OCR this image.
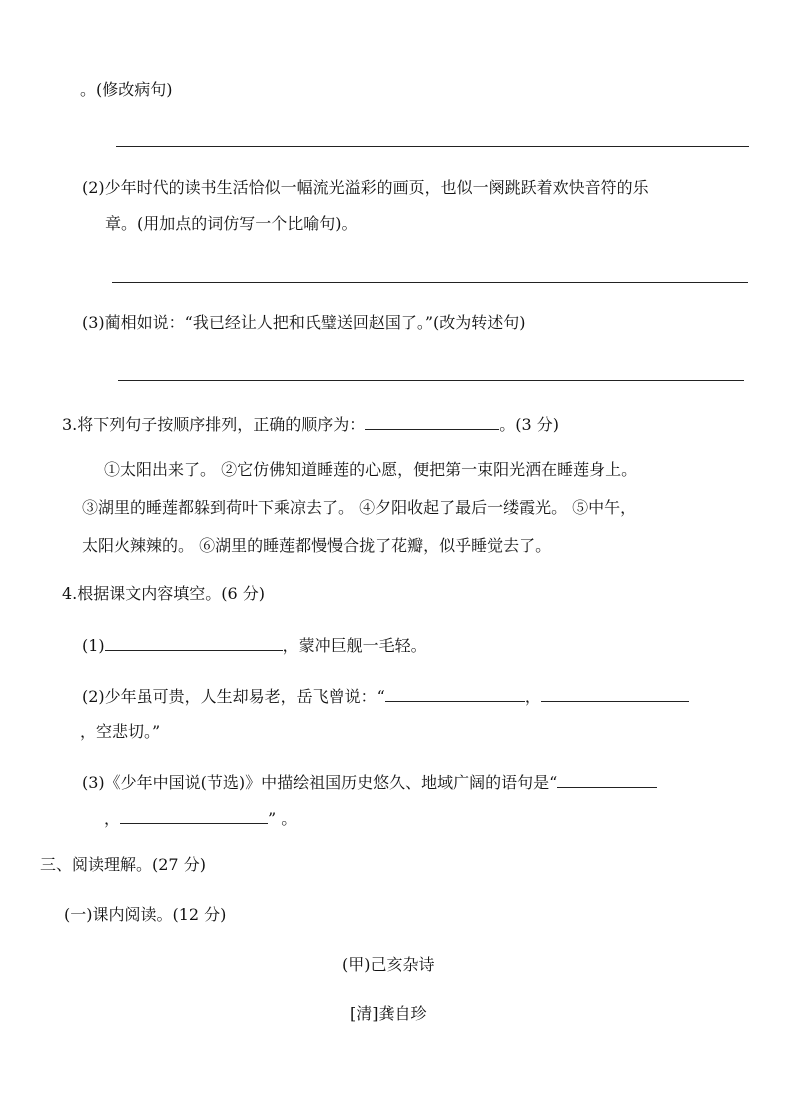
。(修改病句)
(2)少年时代的读书生活恰似一幅流光溢彩的画页，也似一阕跳跃着欢快音符的乐
章。(用加点的词仿写一个比喻句)。
(3)蔺相如说：“我已经让人把和氏璧送回赵国了。”(改为转述句)
3.将下列句子按顺序排列，正确的顺序为：	。(3 分)
①太阳出来了。 ②它仿佛知道睡莲的心愿，便把第一束阳光洒在睡莲身上。
③湖里的睡莲都躲到荷叶下乘凉去了。 ④夕阳收起了最后一缕霞光。 ⑤中午，
太阳火辣辣的。 ⑥湖里的睡莲都慢慢合拢了花瓣，似乎睡觉去了。
4.根据课文内容填空。(6 分)
(1)	，蒙冲巨舰一毛轻。
(2)少年虽可贵，人生却易老，岳飞曾说：“	，
，空悲切。”
(3)《少年中国说(节选)》中描绘祖国历史悠久、地域广阔的语句是“
，	” 。
三、阅读理解。(27 分)
(一)课内阅读。(12 分)
(甲)己亥杂诗
[清]龚自珍
